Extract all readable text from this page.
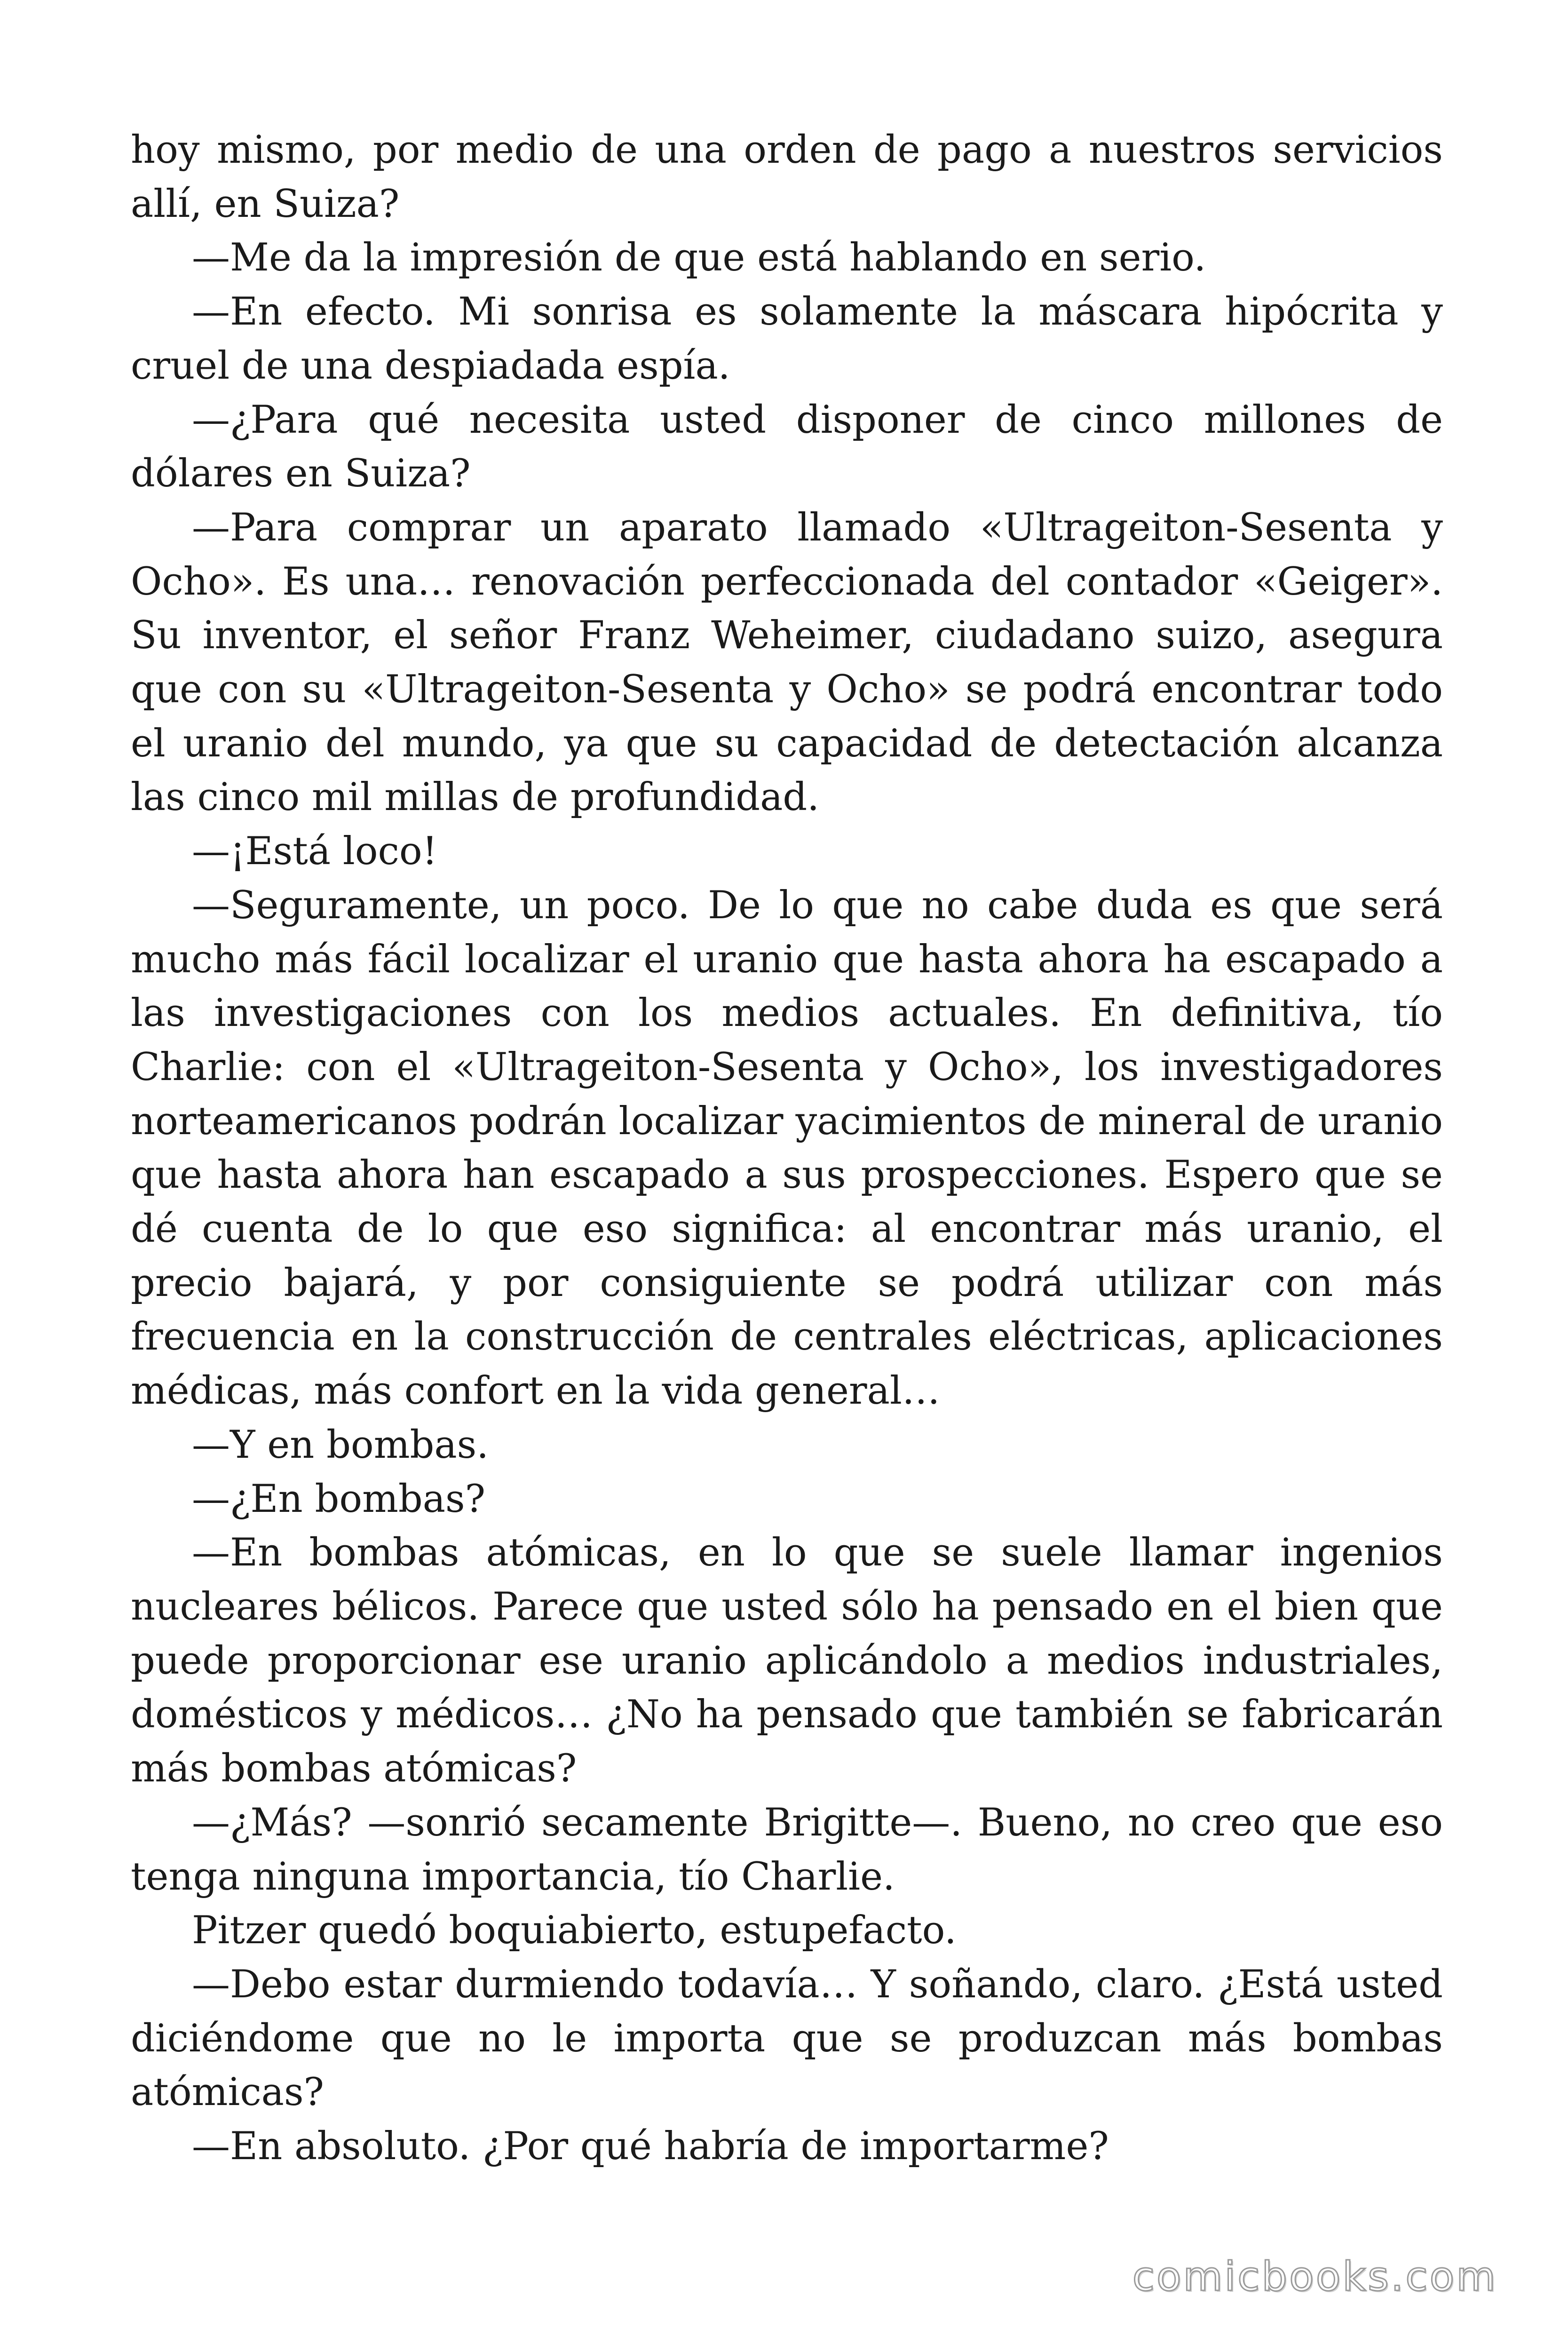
hoy mismo, por medio de una orden de pago a nuestros servicios allí, en Suiza?

—Me da la impresión de que está hablando en serio.

—En efecto. Mi sonrisa es solamente la máscara hipócrita y cruel de una despiadada espía.

—¿Para qué necesita usted disponer de cinco millones de dólares en Suiza?

—Para comprar un aparato llamado «Ultrageiton-Sesenta y Ocho». Es una… renovación perfeccionada del contador «Geiger». Su inventor, el señor Franz Weheimer, ciudadano suizo, asegura que con su «Ultrageiton-Sesenta y Ocho» se podrá encontrar todo el uranio del mundo, ya que su capacidad de detectación alcanza las cinco mil millas de profundidad.

—¡Está loco!

—Seguramente, un poco. De lo que no cabe duda es que será mucho más fácil localizar el uranio que hasta ahora ha escapado a las investigaciones con los medios actuales. En definitiva, tío Charlie: con el «Ultrageiton-Sesenta y Ocho», los investigadores norteamericanos podrán localizar yacimientos de mineral de uranio que hasta ahora han escapado a sus prospecciones. Espero que se dé cuenta de lo que eso significa: al encontrar más uranio, el precio bajará, y por consiguiente se podrá utilizar con más frecuencia en la construcción de centrales eléctricas, aplicaciones médicas, más confort en la vida general…

—Y en bombas.

—¿En bombas?

—En bombas atómicas, en lo que se suele llamar ingenios nucleares bélicos. Parece que usted sólo ha pensado en el bien que puede proporcionar ese uranio aplicándolo a medios industriales, domésticos y médicos… ¿No ha pensado que también se fabricarán más bombas atómicas?

—¿Más? —sonrió secamente Brigitte—. Bueno, no creo que eso tenga ninguna importancia, tío Charlie.

Pitzer quedó boquiabierto, estupefacto.

—Debo estar durmiendo todavía… Y soñando, claro. ¿Está usted diciéndome que no le importa que se produzcan más bombas atómicas?

—En absoluto. ¿Por qué habría de importarme?

comicbooks.com
